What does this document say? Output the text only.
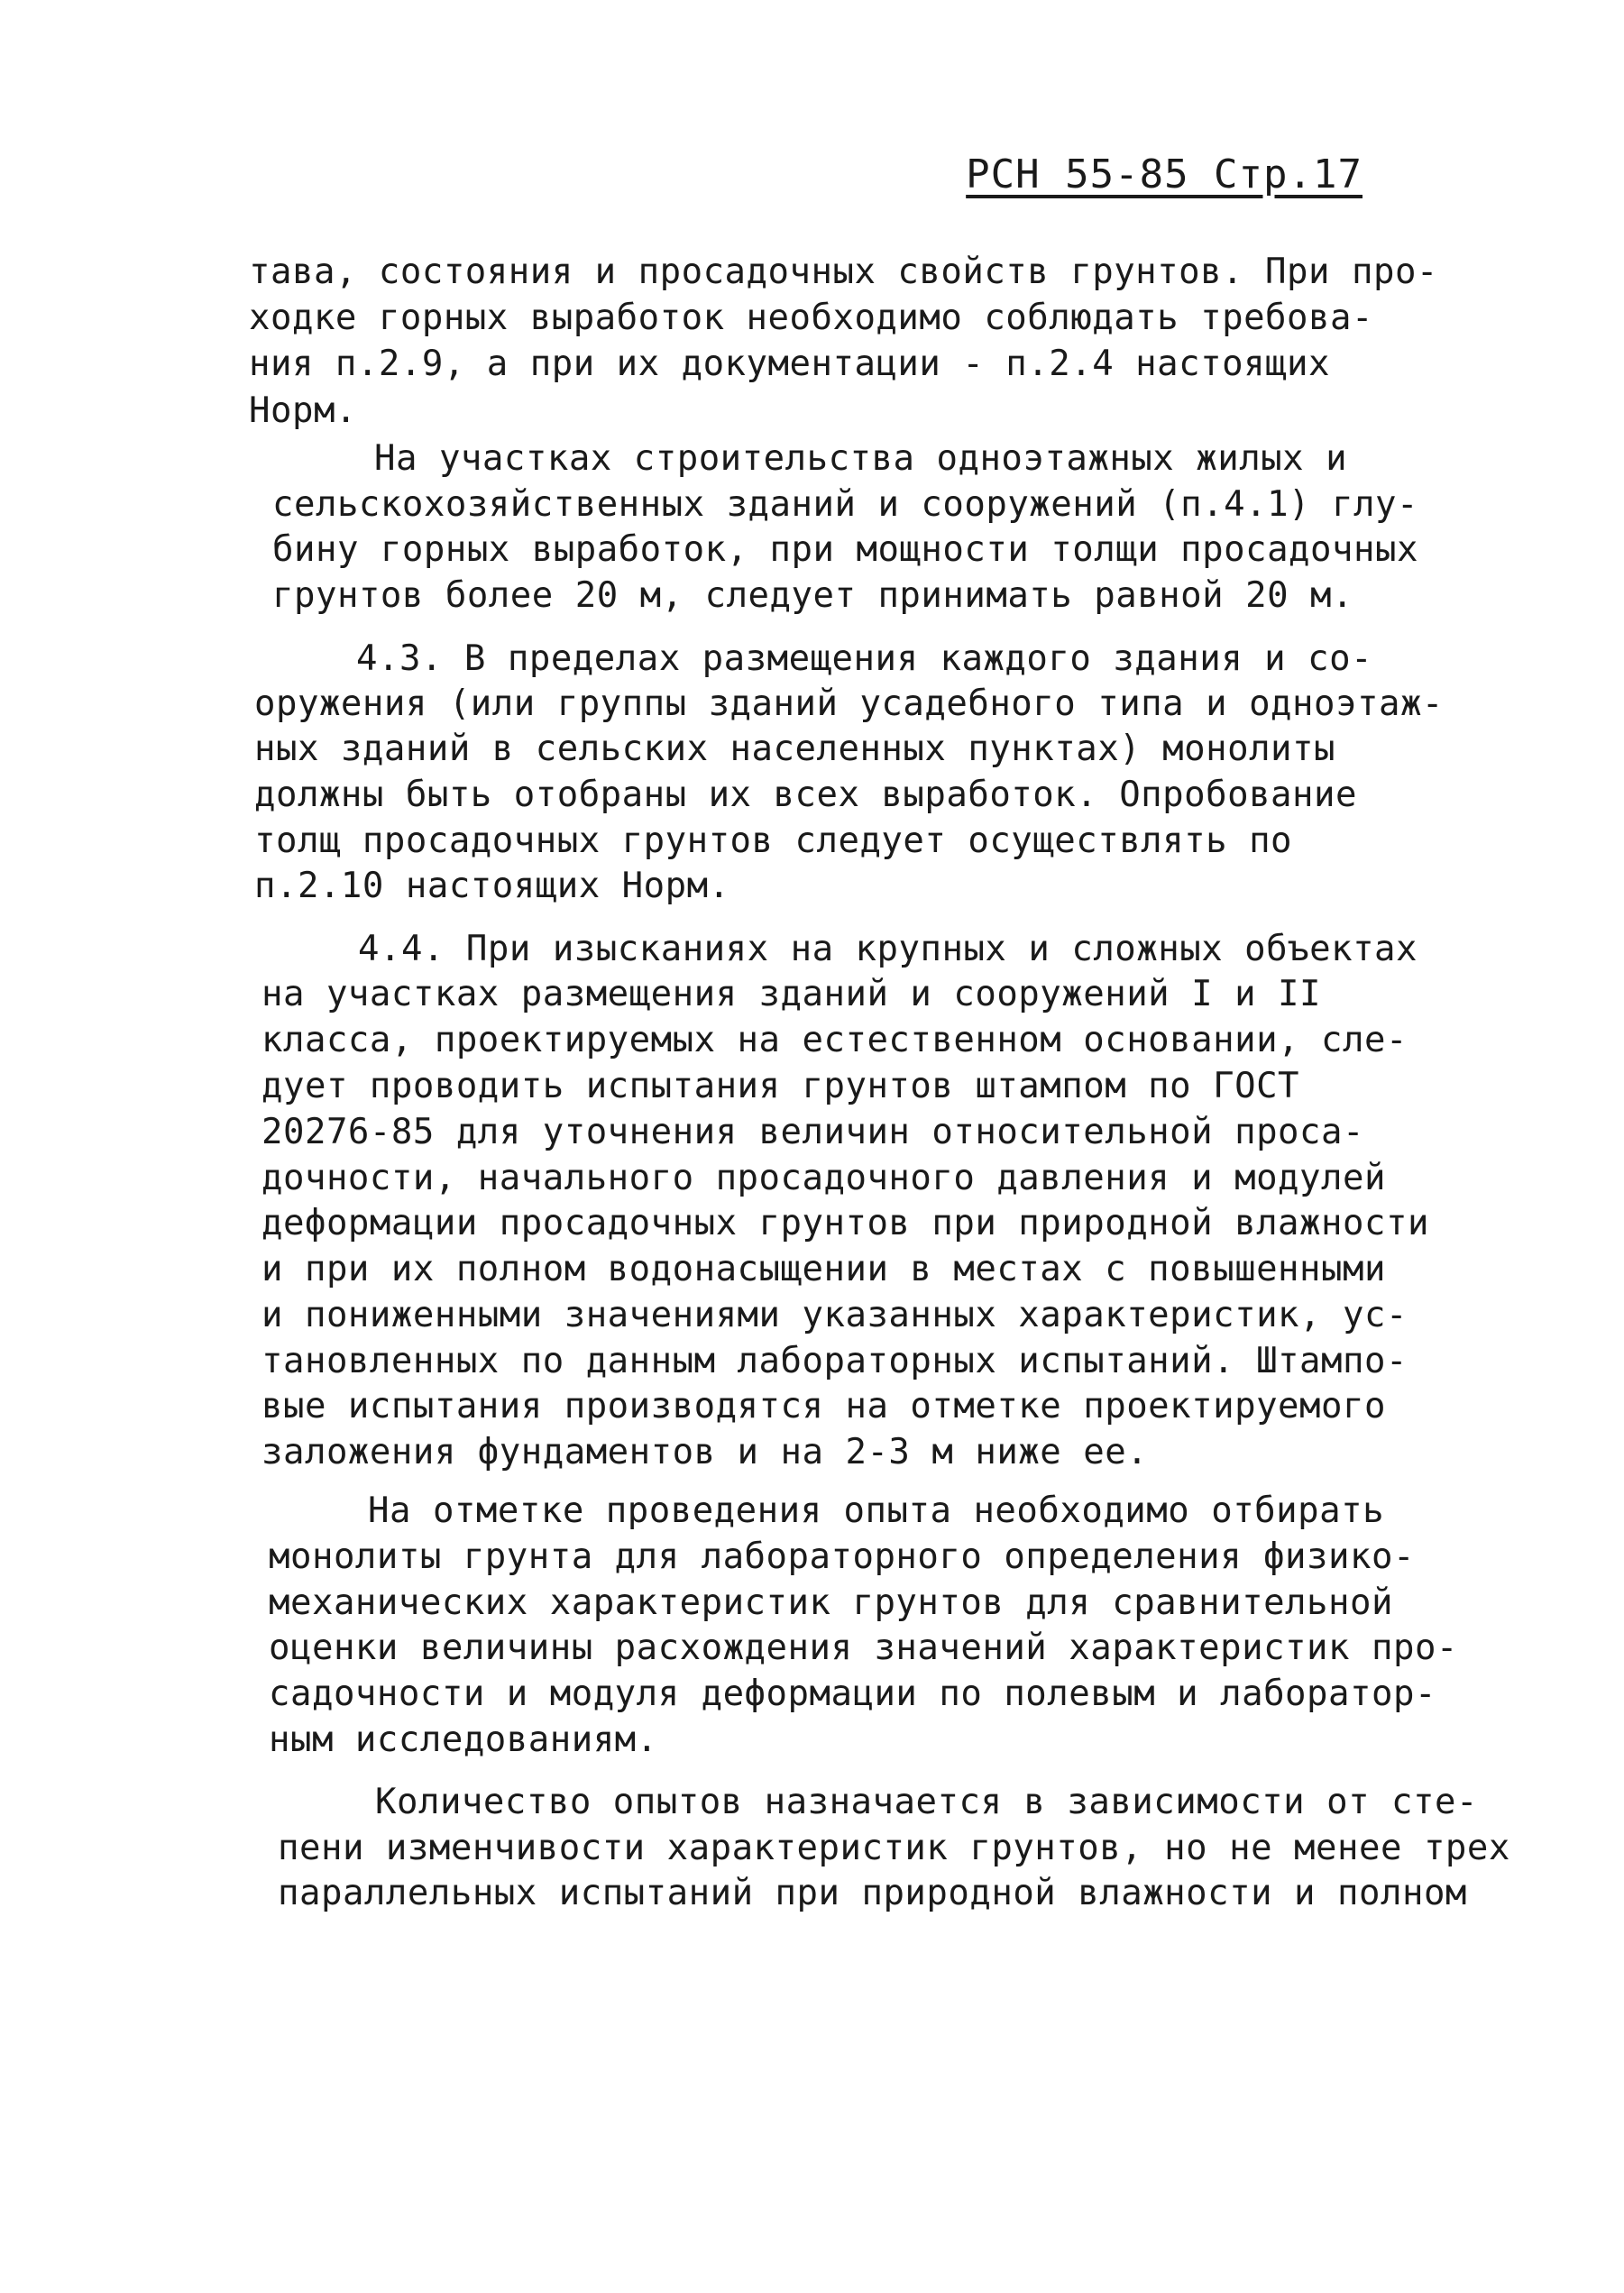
РСН 55-85 Стр.17
тава, состояния и просадочных свойств грунтов. При про-
ходке горных выработок необходимо соблюдать требова-
ния п.2.9, а при их документации - п.2.4 настоящих
Норм.
На участках строительства одноэтажных жилых и
сельскохозяйственных зданий и сооружений (п.4.1) глу-
бину горных выработок, при мощности толщи просадочных
грунтов более 20 м, следует принимать равной 20 м.
4.3. В пределах размещения каждого здания и со-
оружения (или группы зданий усадебного типа и одноэтаж-
ных зданий в сельских населенных пунктах) монолиты
должны быть отобраны их всех выработок. Опробование
толщ просадочных грунтов следует осуществлять по
п.2.10 настоящих Норм.
4.4. При изысканиях на крупных и сложных объектах
на участках размещения зданий и сооружений I и II
класса, проектируемых на естественном основании, сле-
дует проводить испытания грунтов штампом по ГОСТ
20276-85 для уточнения величин относительной проса-
дочности, начального просадочного давления и модулей
деформации просадочных грунтов при природной влажности
и при их полном водонасыщении в местах с повышенными
и пониженными значениями указанных характеристик, ус-
тановленных по данным лабораторных испытаний. Штампо-
вые испытания производятся на отметке проектируемого
заложения фундаментов и на 2-3 м ниже ее.
На отметке проведения опыта необходимо отбирать
монолиты грунта для лабораторного определения физико-
механических характеристик грунтов для сравнительной
оценки величины расхождения значений характеристик про-
садочности и модуля деформации по полевым и лаборатор-
ным исследованиям.
Количество опытов назначается в зависимости от сте-
пени изменчивости характеристик грунтов, но не менее трех
параллельных испытаний при природной влажности и полном
